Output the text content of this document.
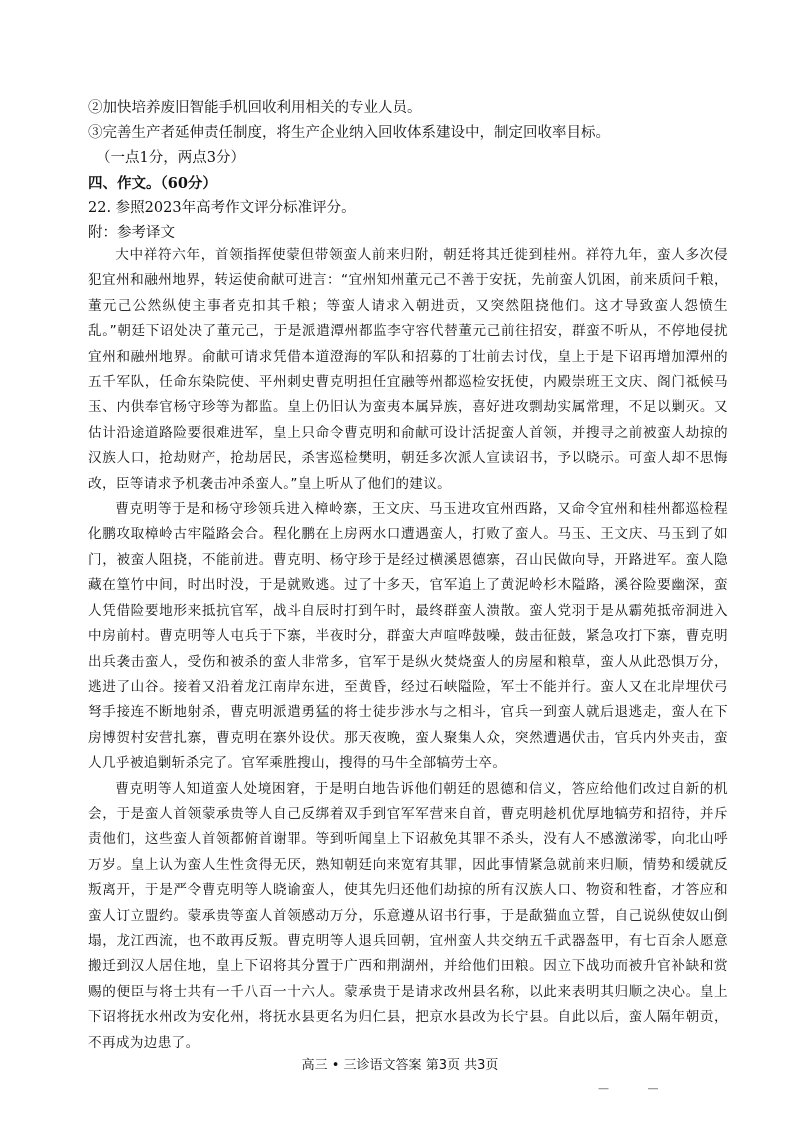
②加快培养废旧智能手机回收利用相关的专业人员。
③完善生产者延伸责任制度，将生产企业纳入回收体系建设中，制定回收率目标。
（一点1分，两点3分）
四、作文。（60分）
22. 参照2023年高考作文评分标准评分。
附：参考译文

大中祥符六年，首领指挥使蒙但带领蛮人前来归附，朝廷将其迁徙到桂州。祥符九年，蛮人多次侵犯宜州和融州地界，转运使俞献可进言：“宜州知州董元己不善于安抚，先前蛮人饥困，前来质问千粮，董元己公然纵使主事者克扣其千粮；等蛮人请求入朝进贡，又突然阻挠他们。这才导致蛮人怨愤生乱。”朝廷下诏处决了董元己，于是派遣潭州都监李守容代替董元己前往招安，群蛮不听从，不停地侵扰宜州和融州地界。俞献可请求凭借本道澄海的军队和招募的丁壮前去讨伐，皇上于是下诏再增加潭州的五千军队，任命东染院使、平州刺史曹克明担任宜融等州都巡检安抚使，内殿崇班王文庆、阁门祗候马玉、内供奉官杨守珍等为都监。皇上仍旧认为蛮夷本属异族，喜好进攻剽劫实属常理，不足以剿灭。又估计沿途道路险要很难进军，皇上只命令曹克明和俞献可设计活捉蛮人首领，并搜寻之前被蛮人劫掠的汉族人口，抢劫财产，抢劫居民，杀害巡检樊明，朝廷多次派人宣读诏书，予以晓示。可蛮人却不思悔改，臣等请求予机袭击冲杀蛮人。”皇上听从了他们的建议。

曹克明等于是和杨守珍领兵进入樟岭寨，王文庆、马玉进攻宜州西路，又命令宜州和桂州都巡检程化鹏攻取樟岭古牢隘路会合。程化鹏在上房两水口遭遇蛮人，打败了蛮人。马玉、王文庆、马玉到了如门，被蛮人阻挠，不能前进。曹克明、杨守珍于是经过横溪恩德寨，召山民做向导，开路进军。蛮人隐藏在篁竹中间，时出时没，于是就败逃。过了十多天，官军追上了黄泥岭杉木隘路，溪谷险要幽深，蛮人凭借险要地形来抵抗官军，战斗自辰时打到午时，最终群蛮人溃散。蛮人党羽于是从霸苑抵帝洞进入中房前村。曹克明等人屯兵于下寨，半夜时分，群蛮大声喧哗鼓噪，鼓击征鼓，紧急攻打下寨，曹克明出兵袭击蛮人，受伤和被杀的蛮人非常多，官军于是纵火焚烧蛮人的房屋和粮草，蛮人从此恐惧万分，逃进了山谷。接着又沿着龙江南岸东进，至黄昏，经过石峡隘险，军士不能并行。蛮人又在北岸埋伏弓弩手接连不断地射杀，曹克明派遣勇猛的将士徒步涉水与之相斗，官兵一到蛮人就后退逃走，蛮人在下房博贺村安营扎寨，曹克明在寨外设伏。那天夜晚，蛮人聚集人众，突然遭遇伏击，官兵内外夹击，蛮人几乎被追剿斩杀完了。官军乘胜搜山，搜得的马牛全部犒劳士卒。

曹克明等人知道蛮人处境困窘，于是明白地告诉他们朝廷的恩德和信义，答应给他们改过自新的机会，于是蛮人首领蒙承贵等人自己反绑着双手到官军军营来自首，曹克明趁机优厚地犒劳和招待，并斥责他们，这些蛮人首领都俯首谢罪。等到听闻皇上下诏赦免其罪不杀头，没有人不感激涕零，向北山呼万岁。皇上认为蛮人生性贪得无厌，熟知朝廷向来宽宥其罪，因此事情紧急就前来归顺，情势和缓就反叛离开，于是严令曹克明等人晓谕蛮人，使其先归还他们劫掠的所有汉族人口、物资和牲畜，才答应和蛮人订立盟约。蒙承贵等蛮人首领感动万分，乐意遵从诏书行事，于是歃猫血立誓，自己说纵使奴山倒塌，龙江西流，也不敢再反叛。曹克明等人退兵回朝，宜州蛮人共交纳五千武器盔甲，有七百余人愿意搬迁到汉人居住地，皇上下诏将其分置于广西和荆湖州，并给他们田粮。因立下战功而被升官补缺和赏赐的便臣与将士共有一千八百一十六人。蒙承贵于是请求改州县名称，以此来表明其归顺之决心。皇上下诏将抚水州改为安化州，将抚水县更名为归仁县，把京水县改为长宁县。自此以后，蛮人隔年朝贡，不再成为边患了。

高三 • 三诊语文答案 第3页 共3页
—           —
